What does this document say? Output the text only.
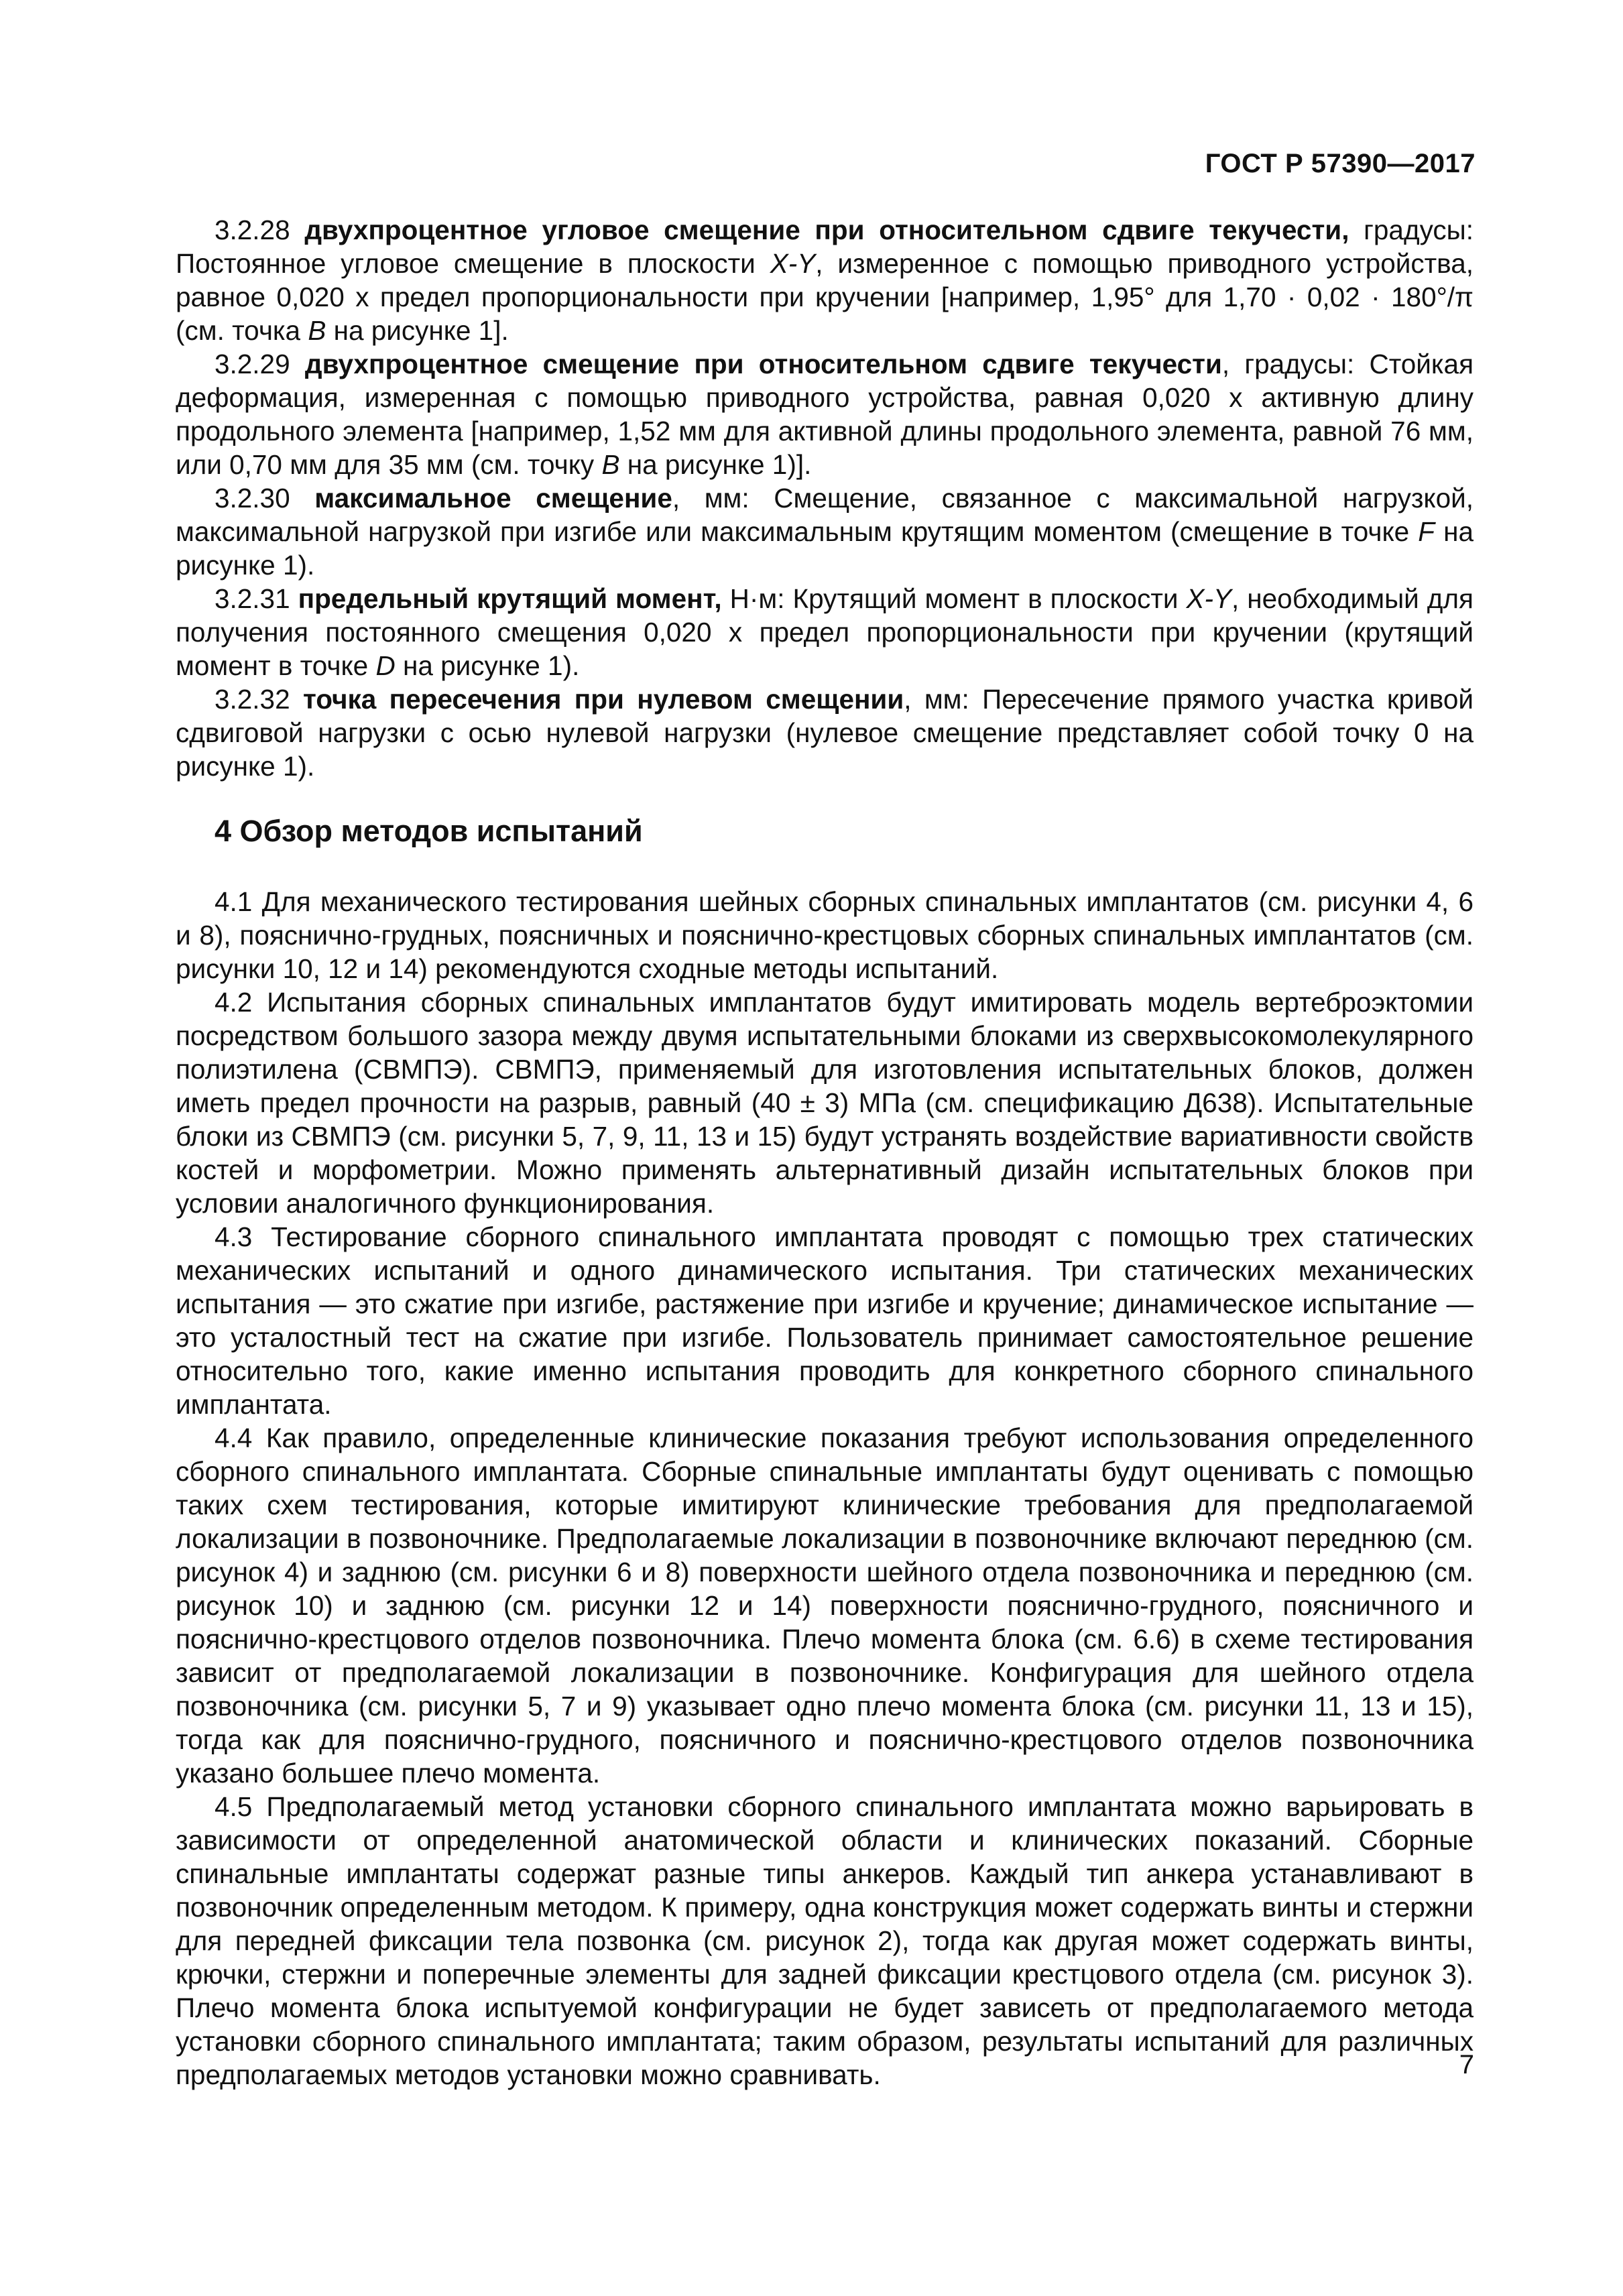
ГОСТ Р 57390—2017

3.2.28 двухпроцентное угловое смещение при относительном сдвиге текучести, градусы: Постоянное угловое смещение в плоскости X-Y, измеренное с помощью приводного устройства, равное 0,020 х предел пропорциональности при кручении [например, 1,95° для 1,70 · 0,02 · 180°/π (см. точка B на рисунке 1].

3.2.29 двухпроцентное смещение при относительном сдвиге текучести, градусы: Стойкая деформация, измеренная с помощью приводного устройства, равная 0,020 х активную длину продольного элемента [например, 1,52 мм для активной длины продольного элемента, равной 76 мм, или 0,70 мм для 35 мм (см. точку B на рисунке 1)].

3.2.30 максимальное смещение, мм: Смещение, связанное с максимальной нагрузкой, максимальной нагрузкой при изгибе или максимальным крутящим моментом (смещение в точке F на рисунке 1).

3.2.31 предельный крутящий момент, Н·м: Крутящий момент в плоскости X-Y, необходимый для получения постоянного смещения 0,020 х предел пропорциональности при кручении (крутящий момент в точке D на рисунке 1).

3.2.32 точка пересечения при нулевом смещении, мм: Пересечение прямого участка кривой сдвиговой нагрузки с осью нулевой нагрузки (нулевое смещение представляет собой точку 0 на рисунке 1).

4 Обзор методов испытаний

4.1 Для механического тестирования шейных сборных спинальных имплантатов (см. рисунки 4, 6 и 8), пояснично-грудных, поясничных и пояснично-крестцовых сборных спинальных имплантатов (см. рисунки 10, 12 и 14) рекомендуются сходные методы испытаний.

4.2 Испытания сборных спинальных имплантатов будут имитировать модель вертеброэктомии посредством большого зазора между двумя испытательными блоками из сверхвысокомолекулярного полиэтилена (СВМПЭ). СВМПЭ, применяемый для изготовления испытательных блоков, должен иметь предел прочности на разрыв, равный (40 ± 3) МПа (см. спецификацию Д638). Испытательные блоки из СВМПЭ (см. рисунки 5, 7, 9, 11, 13 и 15) будут устранять воздействие вариативности свойств костей и морфометрии. Можно применять альтернативный дизайн испытательных блоков при условии аналогичного функционирования.

4.3 Тестирование сборного спинального имплантата проводят с помощью трех статических механических испытаний и одного динамического испытания. Три статических механических испытания — это сжатие при изгибе, растяжение при изгибе и кручение; динамическое испытание — это усталостный тест на сжатие при изгибе. Пользователь принимает самостоятельное решение относительно того, какие именно испытания проводить для конкретного сборного спинального имплантата.

4.4 Как правило, определенные клинические показания требуют использования определенного сборного спинального имплантата. Сборные спинальные имплантаты будут оценивать с помощью таких схем тестирования, которые имитируют клинические требования для предполагаемой локализации в позвоночнике. Предполагаемые локализации в позвоночнике включают переднюю (см. рисунок 4) и заднюю (см. рисунки 6 и 8) поверхности шейного отдела позвоночника и переднюю (см. рисунок 10) и заднюю (см. рисунки 12 и 14) поверхности пояснично-грудного, поясничного и пояснично-крестцового отделов позвоночника. Плечо момента блока (см. 6.6) в схеме тестирования зависит от предполагаемой локализации в позвоночнике. Конфигурация для шейного отдела позвоночника (см. рисунки 5, 7 и 9) указывает одно плечо момента блока (см. рисунки 11, 13 и 15), тогда как для пояснично-грудного, поясничного и пояснично-крестцового отделов позвоночника указано большее плечо момента.

4.5 Предполагаемый метод установки сборного спинального имплантата можно варьировать в зависимости от определенной анатомической области и клинических показаний. Сборные спинальные имплантаты содержат разные типы анкеров. Каждый тип анкера устанавливают в позвоночник определенным методом. К примеру, одна конструкция может содержать винты и стержни для передней фиксации тела позвонка (см. рисунок 2), тогда как другая может содержать винты, крючки, стержни и поперечные элементы для задней фиксации крестцового отдела (см. рисунок 3). Плечо момента блока испытуемой конфигурации не будет зависеть от предполагаемого метода установки сборного спинального имплантата; таким образом, результаты испытаний для различных предполагаемых методов установки можно сравнивать.	7
